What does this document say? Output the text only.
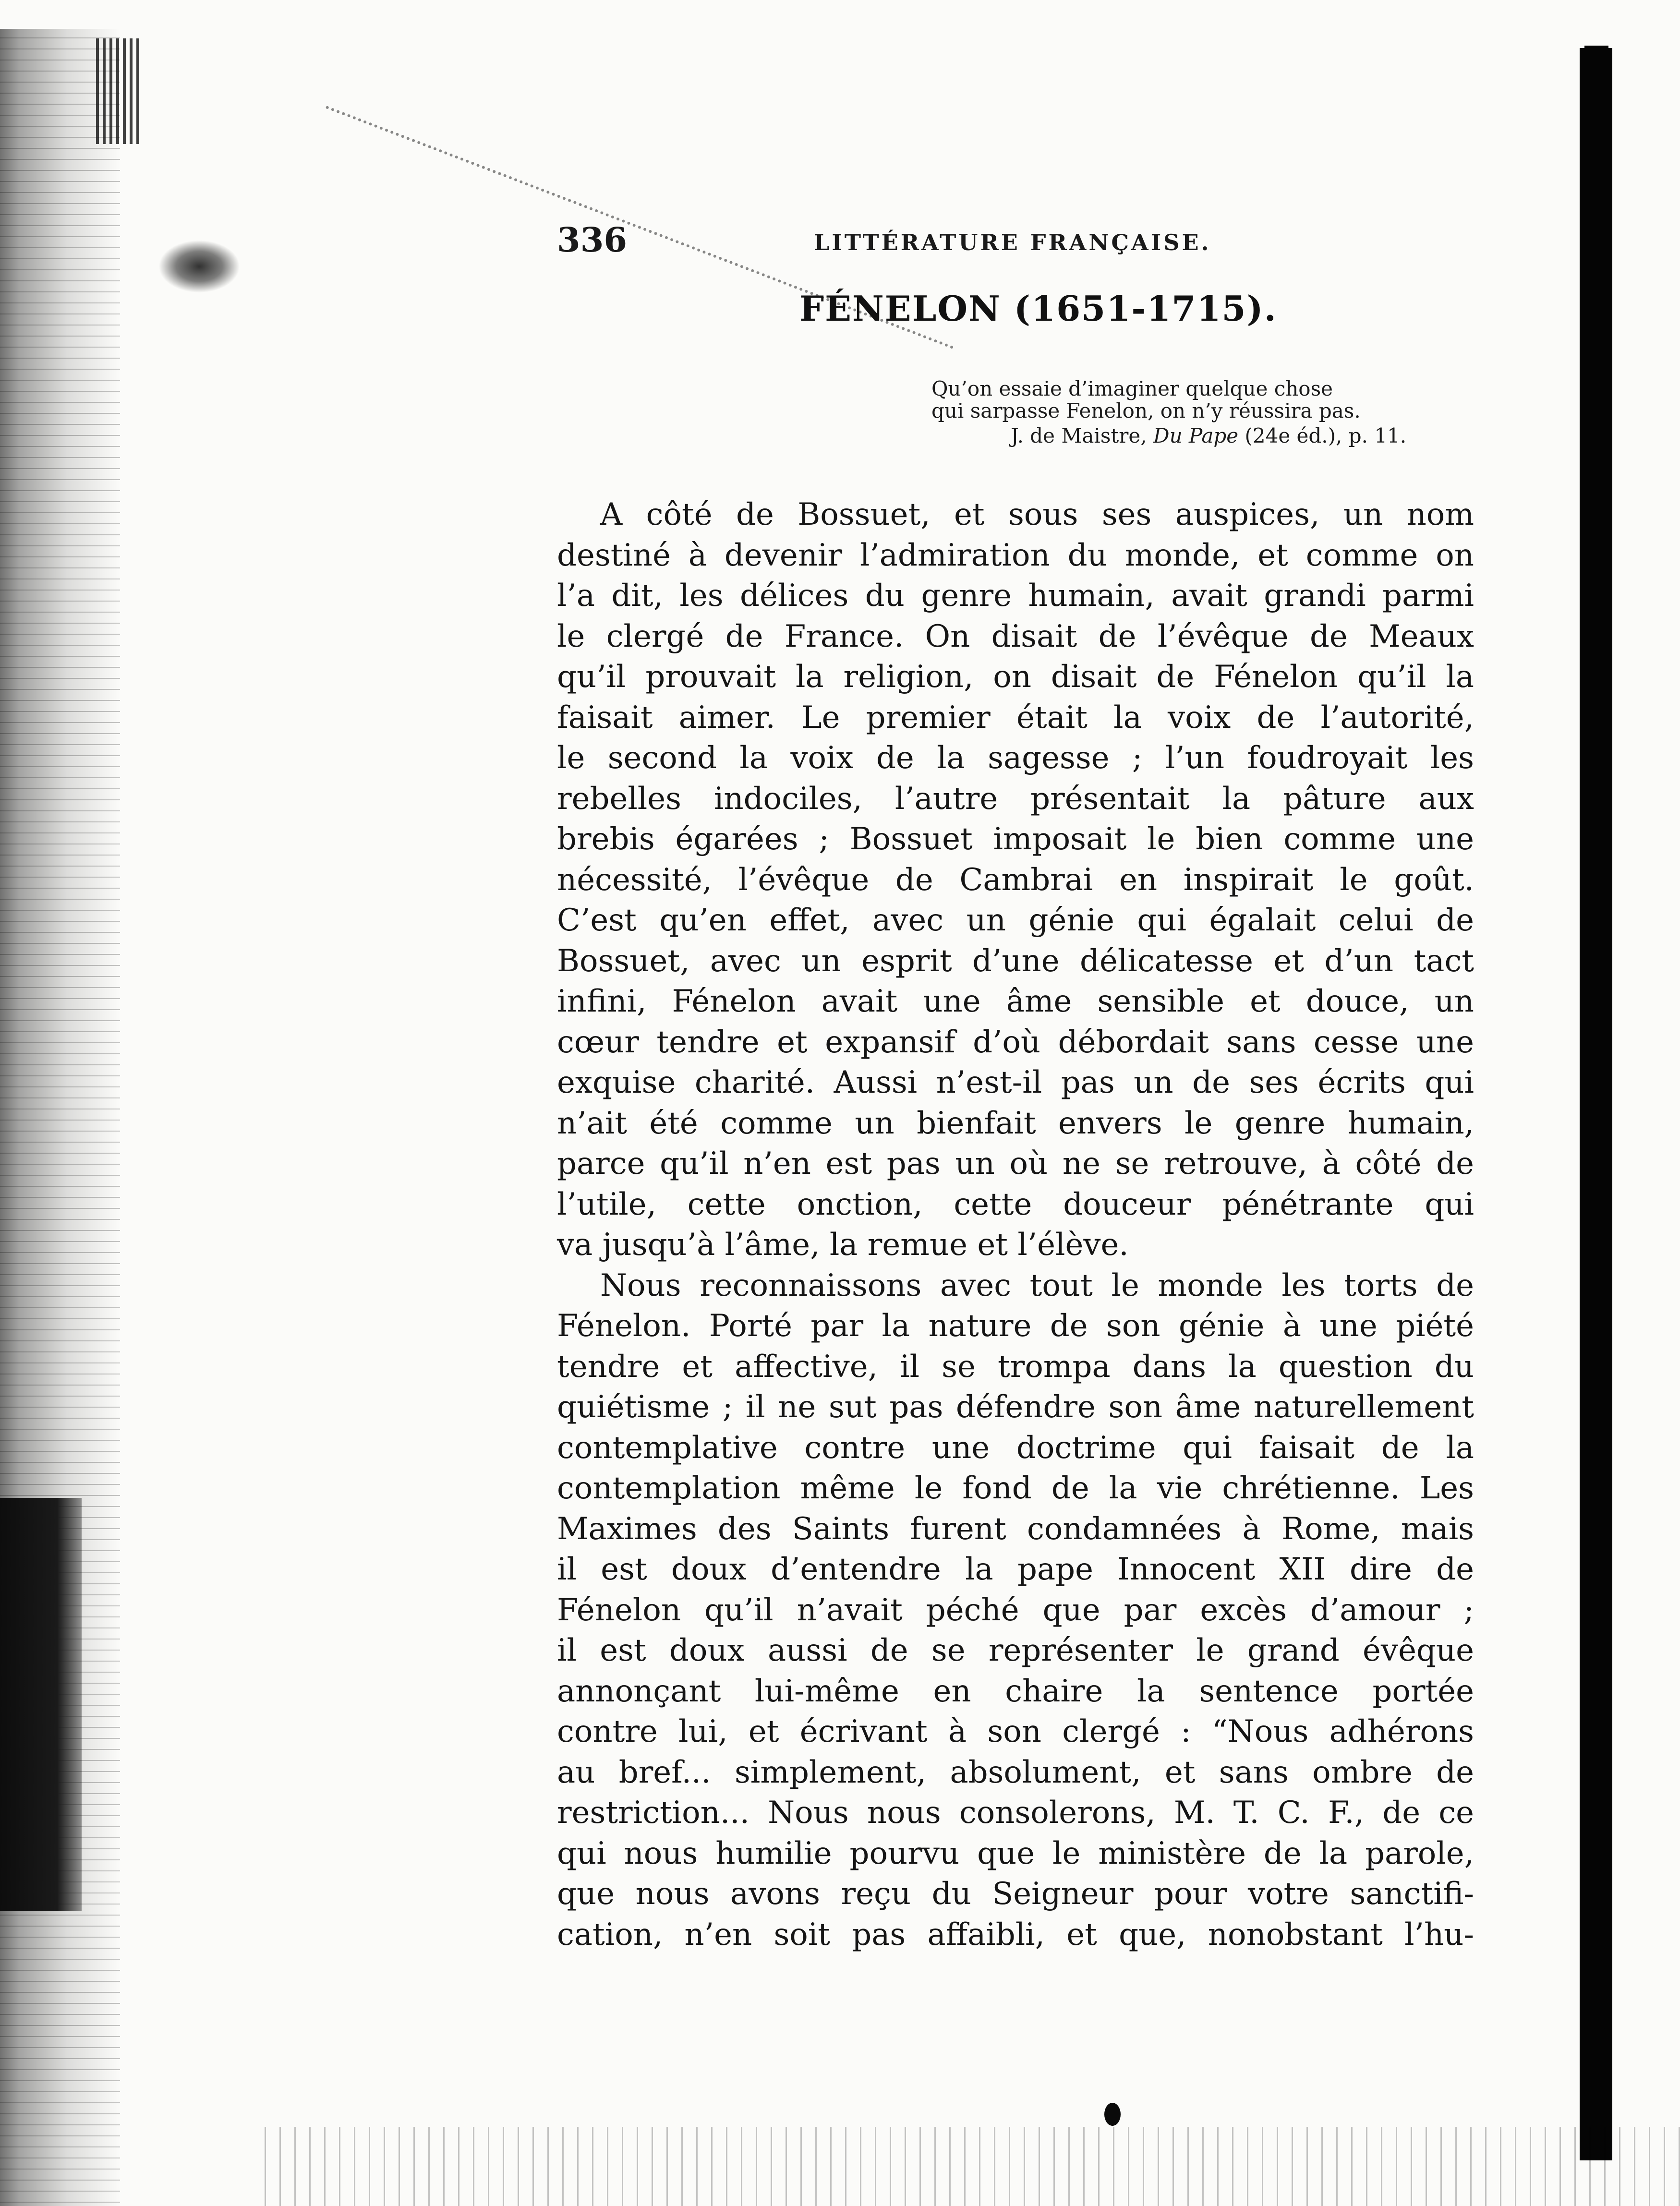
336	LITTÉRATURE FRANÇAISE.
FÉNELON (1651-1715).
Qu’on essaie d’imaginer quelque chose
qui sarpasse Fenelon, on n’y réussira pas.
J. de Maistre, Du Pape (24e éd.), p. 11.
A côté de Bossuet, et sous ses auspices, un nom
destiné à devenir l’admiration du monde, et comme on
l’a dit, les délices du genre humain, avait grandi parmi
le clergé de France. On disait de l’évêque de Meaux
qu’il prouvait la religion, on disait de Fénelon qu’il la
faisait aimer. Le premier était la voix de l’autorité,
le second la voix de la sagesse ; l’un foudroyait les
rebelles indociles, l’autre présentait la pâture aux
brebis égarées ; Bossuet imposait le bien comme une
nécessité, l’évêque de Cambrai en inspirait le goût.
C’est qu’en effet, avec un génie qui égalait celui de
Bossuet, avec un esprit d’une délicatesse et d’un tact
infini, Fénelon avait une âme sensible et douce, un
cœur tendre et expansif d’où débordait sans cesse une
exquise charité. Aussi n’est-il pas un de ses écrits qui
n’ait été comme un bienfait envers le genre humain,
parce qu’il n’en est pas un où ne se retrouve, à côté de
l’utile, cette onction, cette douceur pénétrante qui
va jusqu’à l’âme, la remue et l’élève.
Nous reconnaissons avec tout le monde les torts de
Fénelon. Porté par la nature de son génie à une piété
tendre et affective, il se trompa dans la question du
quiétisme ; il ne sut pas défendre son âme naturellement
contemplative contre une doctrime qui faisait de la
contemplation même le fond de la vie chrétienne. Les
Maximes des Saints furent condamnées à Rome, mais
il est doux d’entendre la pape Innocent XII dire de
Fénelon qu’il n’avait péché que par excès d’amour ;
il est doux aussi de se représenter le grand évêque
annonçant lui-même en chaire la sentence portée
contre lui, et écrivant à son clergé : “Nous adhérons
au bref... simplement, absolument, et sans ombre de
restriction... Nous nous consolerons, M. T. C. F., de ce
qui nous humilie pourvu que le ministère de la parole,
que nous avons reçu du Seigneur pour votre sanctifi-
cation, n’en soit pas affaibli, et que, nonobstant l’hu-
